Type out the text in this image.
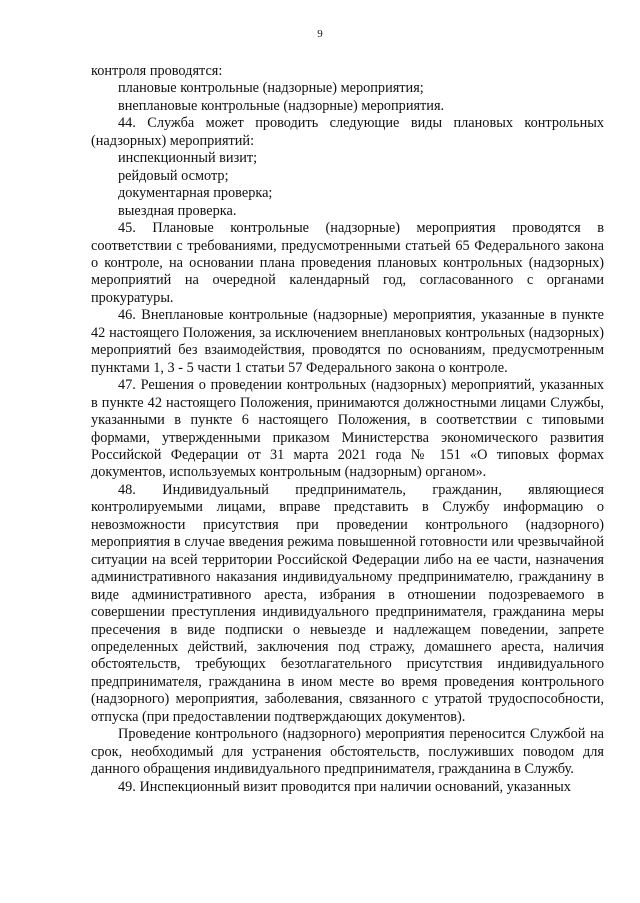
9

контроля проводятся:

плановые контрольные (надзорные) мероприятия;

внеплановые контрольные (надзорные) мероприятия.

44. Служба может проводить следующие виды плановых контрольных (надзорных) мероприятий:

инспекционный визит;

рейдовый осмотр;

документарная проверка;

выездная проверка.

45. Плановые контрольные (надзорные) мероприятия проводятся в соответствии с требованиями, предусмотренными статьей 65 Федерального закона о контроле, на основании плана проведения плановых контрольных (надзорных) мероприятий на очередной календарный год, согласованного с органами прокуратуры.

46. Внеплановые контрольные (надзорные) мероприятия, указанные в пункте 42 настоящего Положения, за исключением внеплановых контрольных (надзорных) мероприятий без взаимодействия, проводятся по основаниям, предусмотренным пунктами 1, 3 - 5 части 1 статьи 57 Федерального закона о контроле.

47. Решения о проведении контрольных (надзорных) мероприятий, указанных в пункте 42 настоящего Положения, принимаются должностными лицами Службы, указанными в пункте 6 настоящего Положения, в соответствии с типовыми формами, утвержденными приказом Министерства экономического развития Российской Федерации от 31 марта 2021 года № 151 «О типовых формах документов, используемых контрольным (надзорным) органом».

48. Индивидуальный предприниматель, гражданин, являющиеся контролируемыми лицами, вправе представить в Службу информацию о невозможности присутствия при проведении контрольного (надзорного) мероприятия в случае введения режима повышенной готовности или чрезвычайной ситуации на всей территории Российской Федерации либо на ее части, назначения административного наказания индивидуальному предпринимателю, гражданину в виде административного ареста, избрания в отношении подозреваемого в совершении преступления индивидуального предпринимателя, гражданина меры пресечения в виде подписки о невыезде и надлежащем поведении, запрете определенных действий, заключения под стражу, домашнего ареста, наличия обстоятельств, требующих безотлагательного присутствия индивидуального предпринимателя, гражданина в ином месте во время проведения контрольного (надзорного) мероприятия, заболевания, связанного с утратой трудоспособности, отпуска (при предоставлении подтверждающих документов).

Проведение контрольного (надзорного) мероприятия переносится Службой на срок, необходимый для устранения обстоятельств, послуживших поводом для данного обращения индивидуального предпринимателя, гражданина в Службу.

49. Инспекционный визит проводится при наличии оснований, указанных
